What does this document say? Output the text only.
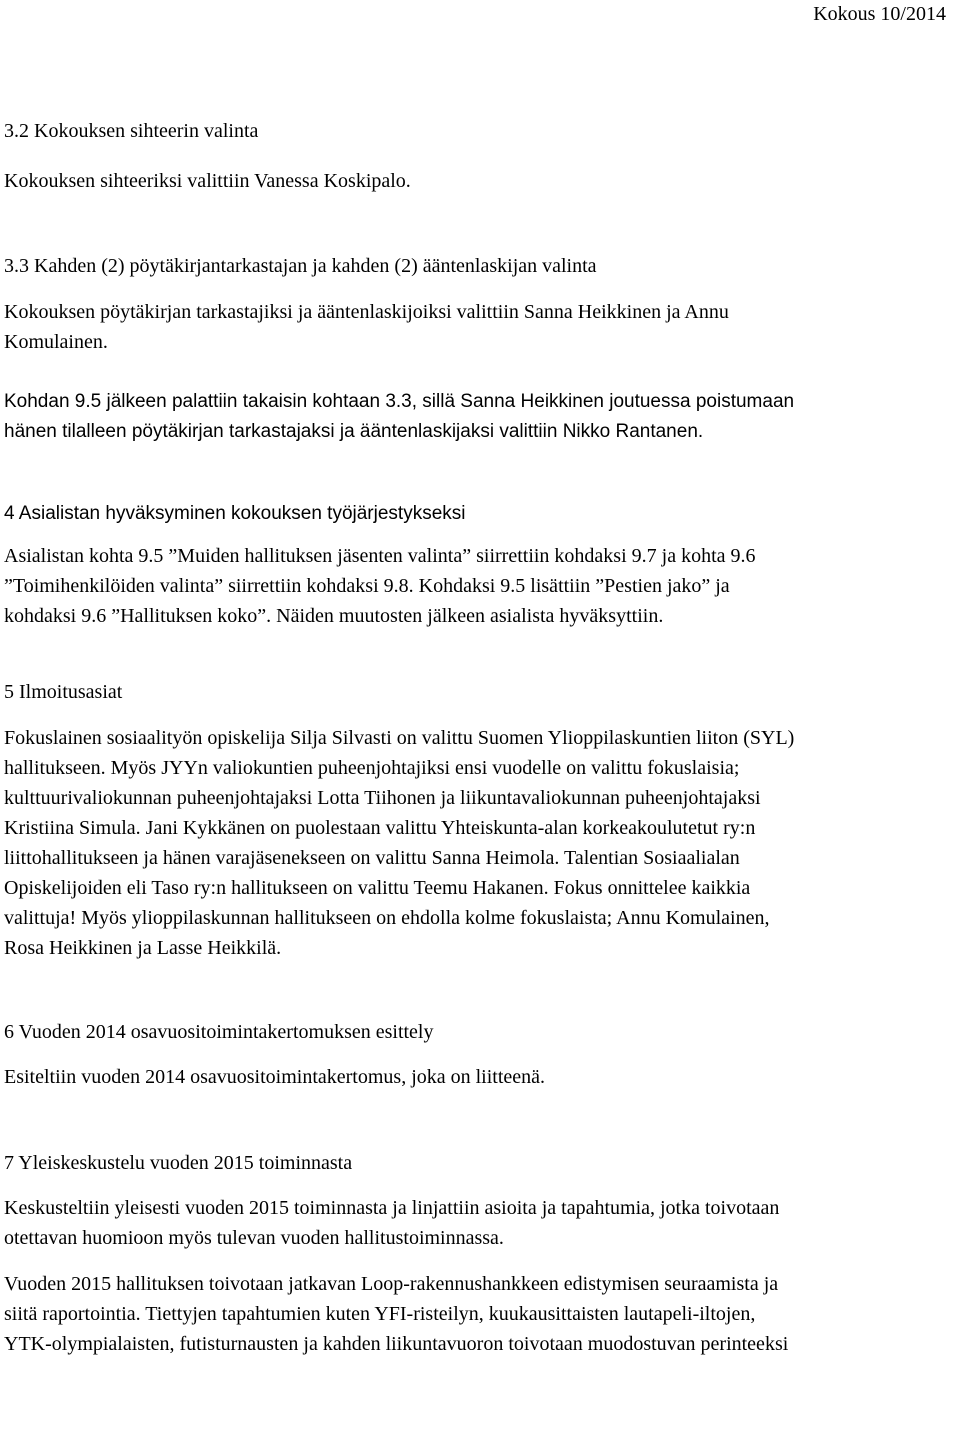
Kokous 10/2014

3.2 Kokouksen sihteerin valinta

Kokouksen sihteeriksi valittiin Vanessa Koskipalo.

3.3 Kahden (2) pöytäkirjantarkastajan ja kahden (2) ääntenlaskijan valinta

Kokouksen pöytäkirjan tarkastajiksi ja ääntenlaskijoiksi valittiin Sanna Heikkinen ja Annu
Komulainen.

Kohdan 9.5 jälkeen palattiin takaisin kohtaan 3.3, sillä Sanna Heikkinen joutuessa poistumaan
hänen tilalleen pöytäkirjan tarkastajaksi ja ääntenlaskijaksi valittiin Nikko Rantanen.

4 Asialistan hyväksyminen kokouksen työjärjestykseksi

Asialistan kohta 9.5 ”Muiden hallituksen jäsenten valinta” siirrettiin kohdaksi 9.7 ja kohta 9.6
”Toimihenkilöiden valinta” siirrettiin kohdaksi 9.8. Kohdaksi 9.5 lisättiin ”Pestien jako” ja
kohdaksi 9.6 ”Hallituksen koko”. Näiden muutosten jälkeen asialista hyväksyttiin.

5 Ilmoitusasiat

Fokuslainen sosiaalityön opiskelija Silja Silvasti on valittu Suomen Ylioppilaskuntien liiton (SYL)
hallitukseen. Myös JYYn valiokuntien puheenjohtajiksi ensi vuodelle on valittu fokuslaisia;
kulttuurivaliokunnan puheenjohtajaksi Lotta Tiihonen ja liikuntavaliokunnan puheenjohtajaksi
Kristiina Simula. Jani Kykkänen on puolestaan valittu Yhteiskunta-alan korkeakoulutetut ry:n
liittohallitukseen ja hänen varajäsenekseen on valittu Sanna Heimola. Talentian Sosiaalialan
Opiskelijoiden eli Taso ry:n hallitukseen on valittu Teemu Hakanen. Fokus onnittelee kaikkia
valittuja! Myös ylioppilaskunnan hallitukseen on ehdolla kolme fokuslaista; Annu Komulainen,
Rosa Heikkinen ja Lasse Heikkilä.

6 Vuoden 2014 osavuositoimintakertomuksen esittely

Esiteltiin vuoden 2014 osavuositoimintakertomus, joka on liitteenä.

7 Yleiskeskustelu vuoden 2015 toiminnasta

Keskusteltiin yleisesti vuoden 2015 toiminnasta ja linjattiin asioita ja tapahtumia, jotka toivotaan
otettavan huomioon myös tulevan vuoden hallitustoiminnassa.

Vuoden 2015 hallituksen toivotaan jatkavan Loop-rakennushankkeen edistymisen seuraamista ja
siitä raportointia. Tiettyjen tapahtumien kuten YFI-risteilyn, kuukausittaisten lautapeli-iltojen,
YTK-olympialaisten, futisturnausten ja kahden liikuntavuoron toivotaan muodostuvan perinteeksi
